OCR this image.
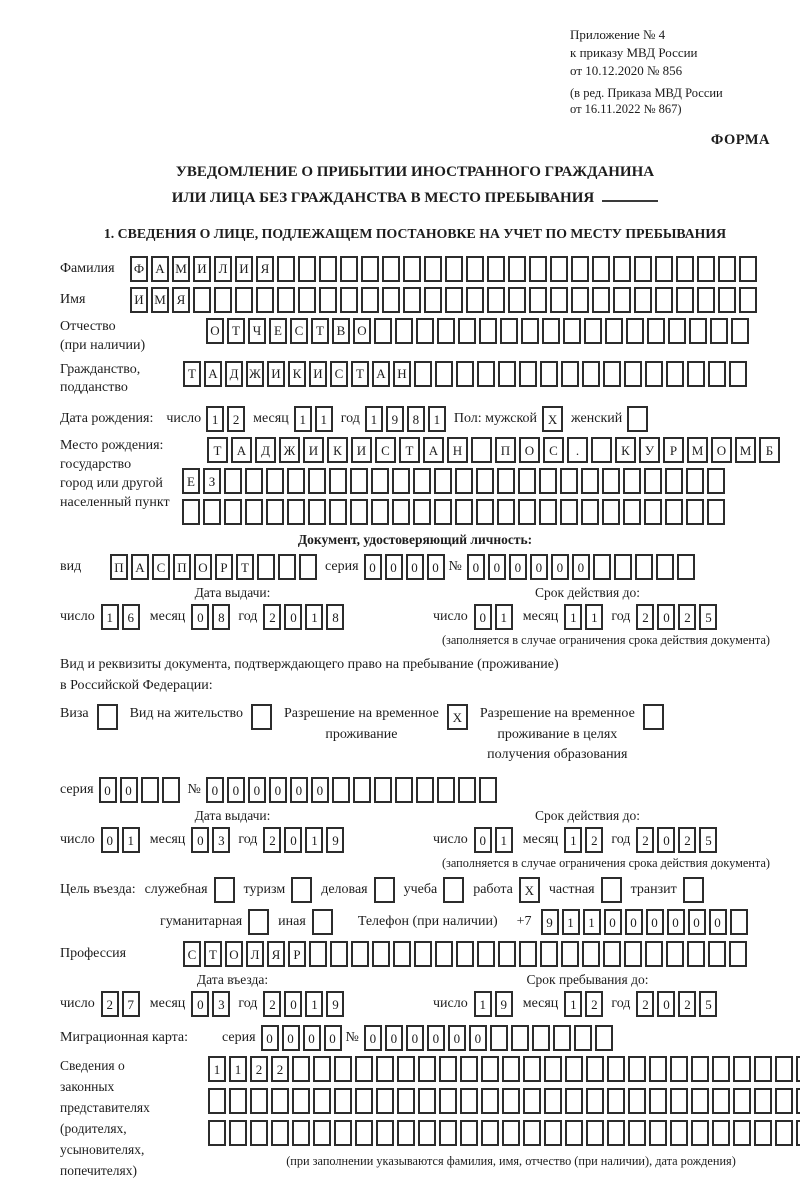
Приложение № 4
к приказу МВД России
от 10.12.2020 № 856
(в ред. Приказа МВД России
от 16.11.2022 № 867)
ФОРМА
УВЕДОМЛЕНИЕ О ПРИБЫТИИ ИНОСТРАННОГО ГРАЖДАНИНА
ИЛИ ЛИЦА БЕЗ ГРАЖДАНСТВА В МЕСТО ПРЕБЫВАНИЯ
1. СВЕДЕНИЯ О ЛИЦЕ, ПОДЛЕЖАЩЕМ ПОСТАНОВКЕ НА УЧЕТ ПО МЕСТУ ПРЕБЫВАНИЯ
Фамилия	Ф А М И Л И Я
Имя	И М Я
Отчество
(при наличии)
О Т Ч Е С Т В О
Гражданство,
подданство
Т А Д Ж И К И С Т А Н
Дата рождения: число 1	2 месяц 1	1 год 1	9	8	1 Пол: мужской X женский
Место рождения:
государство
город или другой
населенный пункт
Т	А	Д	Ж	И	К	И	С	Т	А	Н	П	О	С	.	К	У	Р	М	О	М	Б
Е	З
Документ, удостоверяющий личность:
вид	П А С П О Р	Т	серия 0	0	0	0 № 0	0	0	0	0	0
Дата выдачи:
число 1	6	месяц 0	8 год 2	0	1	8
Срок действия до:
число 0	1	месяц 1	1 год 2	0	2	5
(заполняется в случае ограничения срока действия документа)
Вид и реквизиты документа, подтверждающего право на пребывание (проживание)
в Российской Федерации:
Виза	Вид на жительство	Разрешение на временное
проживание
X	Разрешение на временное
проживание в целях
получения образования
серия 0	0	№ 0	0	0	0	0	0
Дата выдачи:
число 0	1	месяц 0	3 год 2	0	1	9
Срок действия до:
число 0	1	месяц 1	2 год 2	0	2	5
(заполняется в случае ограничения срока действия документа)
Цель въезда: служебная	туризм	деловая	учеба	работа X	частная	транзит
гуманитарная	иная	Телефон (при наличии) +7	9	1	1	0	0	0	0	0	0
Профессия	С Т О Л Я	Р
Дата въезда:
число 2	7	месяц 0	3 год 2	0	1	9
Срок пребывания до:
число 1	9	месяц 1	2 год 2	0	2	5
Миграционная карта:	серия 0	0	0	0 № 0	0	0	0	0	0
Сведения о
законных
представителях
(родителях,
усыновителях,
попечителях)
1	1	2	2
(при заполнении указываются фамилия, имя, отчество (при наличии), дата рождения)
